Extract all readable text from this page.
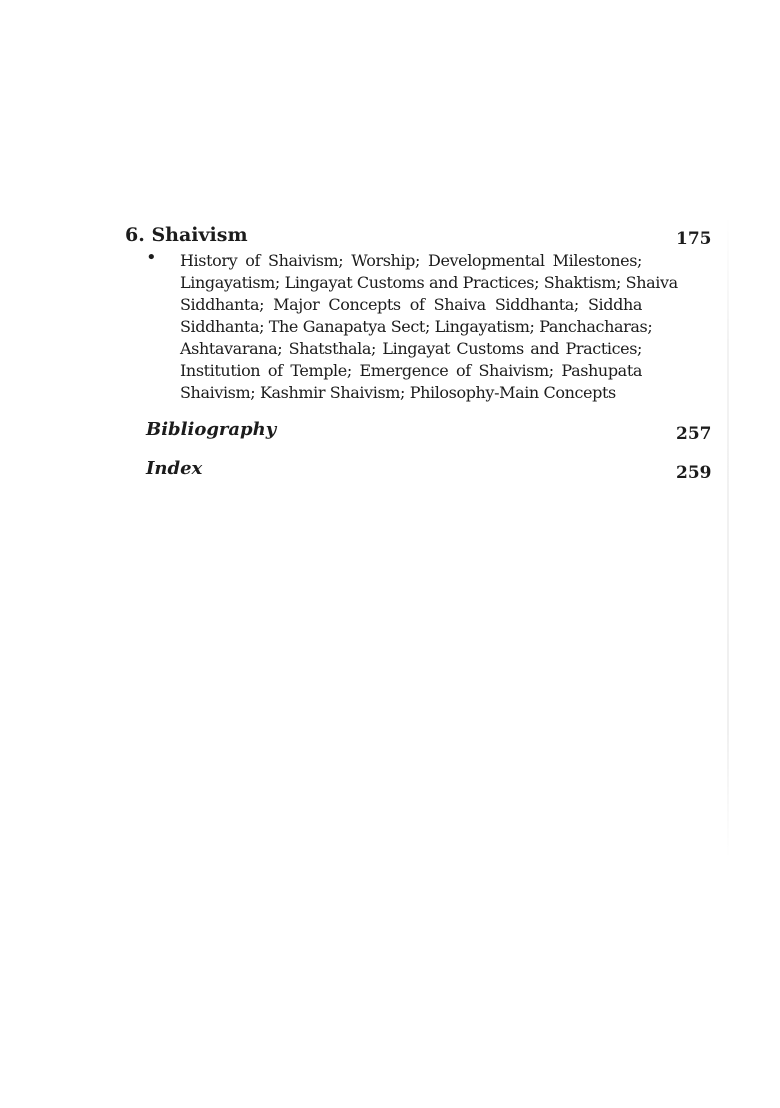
6. Shaivism	175
• History of Shaivism; Worship; Developmental Milestones;
Lingayatism; Lingayat Customs and Practices; Shaktism; Shaiva
Siddhanta; Major Concepts of Shaiva Siddhanta; Siddha
Siddhanta; The Ganapatya Sect; Lingayatism; Panchacharas;
Ashtavarana; Shatsthala; Lingayat Customs and Practices;
Institution of Temple; Emergence of Shaivism; Pashupata
Shaivism; Kashmir Shaivism; Philosophy-Main Concepts
Bibliography	257
Index	259
